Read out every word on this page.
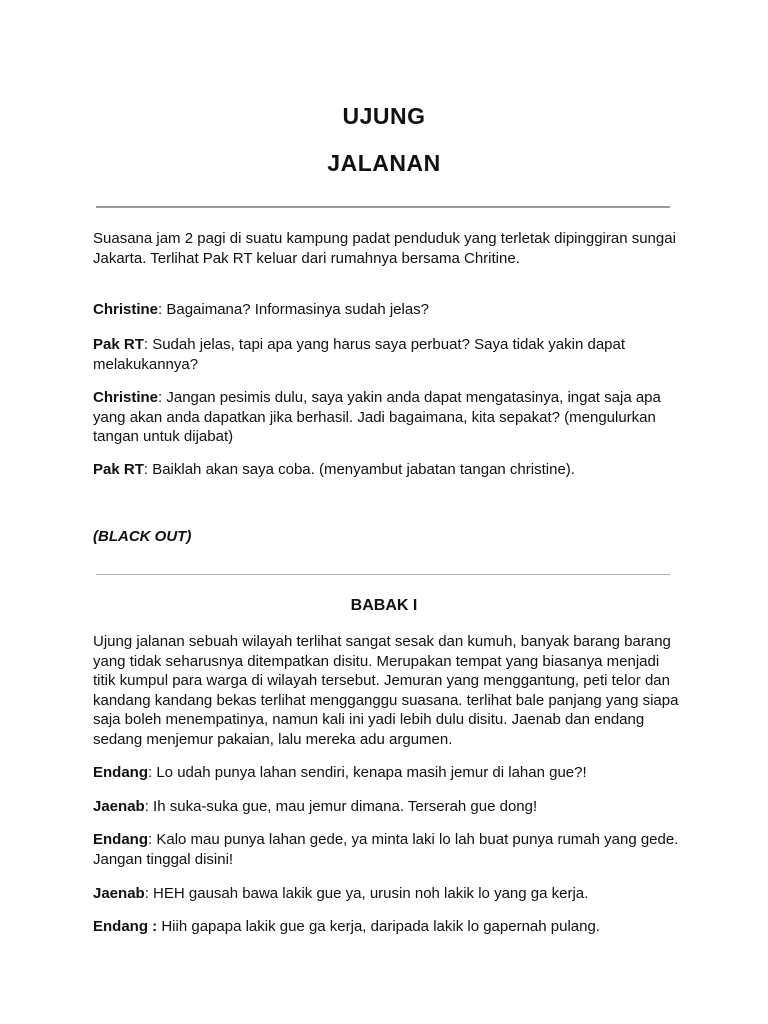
UJUNG
JALANAN

Suasana jam 2 pagi di suatu kampung padat penduduk yang terletak dipinggiran sungai Jakarta. Terlihat Pak RT keluar dari rumahnya bersama Chritine.

Christine: Bagaimana? Informasinya sudah jelas?

Pak RT: Sudah jelas, tapi apa yang harus saya perbuat? Saya tidak yakin dapat melakukannya?

Christine: Jangan pesimis dulu, saya yakin anda dapat mengatasinya, ingat saja apa yang akan anda dapatkan jika berhasil. Jadi bagaimana, kita sepakat? (mengulurkan tangan untuk dijabat)

Pak RT: Baiklah akan saya coba. (menyambut jabatan tangan christine).

(BLACK OUT)

BABAK I

Ujung jalanan sebuah wilayah terlihat sangat sesak dan kumuh, banyak barang barang yang tidak seharusnya ditempatkan disitu. Merupakan tempat yang biasanya menjadi titik kumpul para warga di wilayah tersebut. Jemuran yang menggantung, peti telor dan kandang kandang bekas terlihat mengganggu suasana. terlihat bale panjang yang siapa saja boleh menempatinya, namun kali ini yadi lebih dulu disitu. Jaenab dan endang sedang menjemur pakaian, lalu mereka adu argumen.

Endang: Lo udah punya lahan sendiri, kenapa masih jemur di lahan gue?!

Jaenab: Ih suka-suka gue, mau jemur dimana. Terserah gue dong!

Endang: Kalo mau punya lahan gede, ya minta laki lo lah buat punya rumah yang gede. Jangan tinggal disini!

Jaenab: HEH gausah bawa lakik gue ya, urusin noh lakik lo yang ga kerja.

Endang : Hiih gapapa lakik gue ga kerja, daripada lakik lo gapernah pulang.
